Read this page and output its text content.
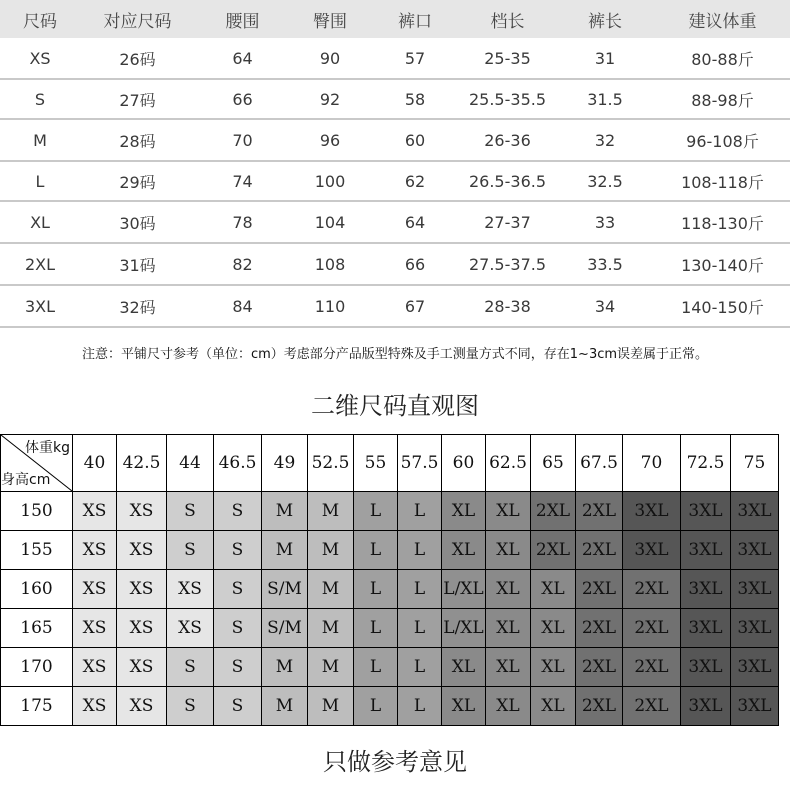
尺码	对应尺码	腰围	臀围	裤口	档长	裤长	建议体重
XS	26码	64	90	57	25-35	31	80-88斤
S	27码	66	92	58	25.5-35.5	31.5	88-98斤
M	28码	70	96	60	26-36	32	96-108斤
L	29码	74	100	62	26.5-36.5	32.5	108-118斤
XL	30码	78	104	64	27-37	33	118-130斤
2XL	31码	82	108	66	27.5-37.5	33.5	130-140斤
3XL	32码	84	110	67	28-38	34	140-150斤
注意：平铺尺寸参考（单位：cm）考虑部分产品版型特殊及手工测量方式不同，存在1~3cm误差属于正常。
二维尺码直观图
体重kg
身高cm	40	42.5	44	46.5	49	52.5	55	57.5	60	62.5	65	67.5	70	72.5	75
150	XS	XS	S	S	M	M	L	L	XL	XL	2XL	2XL	3XL	3XL	3XL
155	XS	XS	S	S	M	M	L	L	XL	XL	2XL	2XL	3XL	3XL	3XL
160	XS	XS	XS	S	S/M	M	L	L	L/XL	XL	XL	2XL	2XL	3XL	3XL
165	XS	XS	XS	S	S/M	M	L	L	L/XL	XL	XL	2XL	2XL	3XL	3XL
170	XS	XS	S	S	M	M	L	L	XL	XL	XL	2XL	2XL	3XL	3XL
175	XS	XS	S	S	M	M	L	L	XL	XL	XL	2XL	2XL	3XL	3XL
只做参考意见
